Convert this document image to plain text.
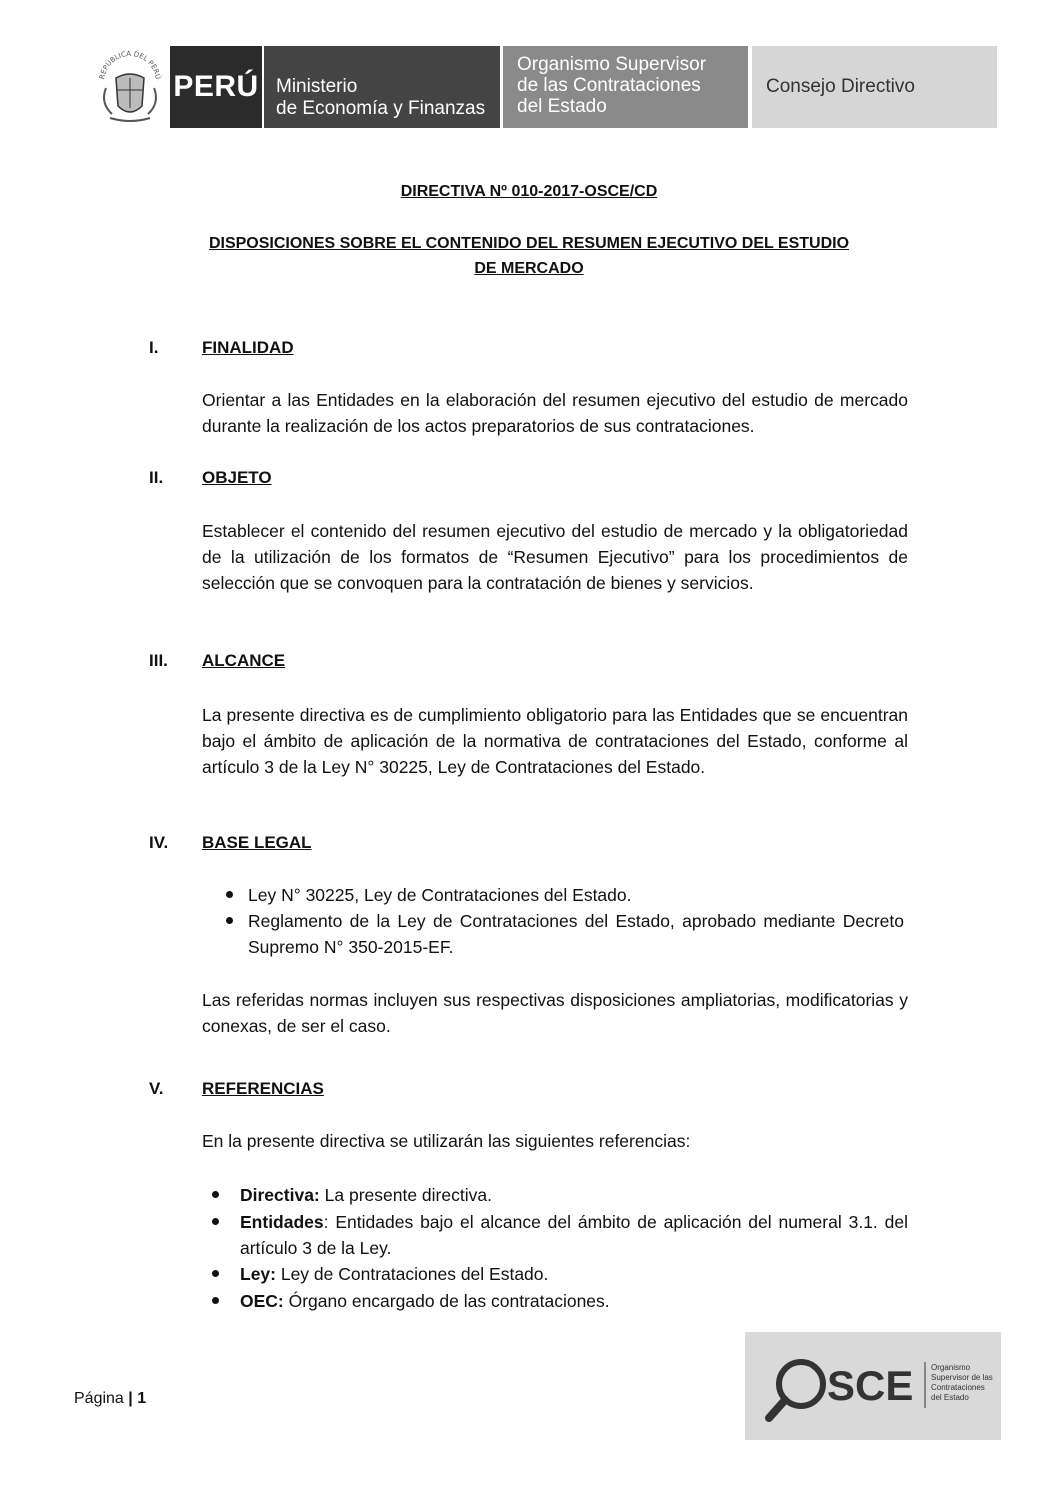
REPÚBLICA DEL PERÚ PERÚ Ministerio
de Economía y Finanzas
Organismo Supervisor
de las Contrataciones
del Estado
Consejo Directivo
DIRECTIVA Nº 010-2017-OSCE/CD
DISPOSICIONES SOBRE EL CONTENIDO DEL RESUMEN EJECUTIVO DEL ESTUDIO
DE MERCADO
I.	FINALIDAD
Orientar a las Entidades en la elaboración del resumen ejecutivo del estudio de mercado durante la realización de los actos preparatorios de sus contrataciones.
II. OBJETO
Establecer el contenido del resumen ejecutivo del estudio de mercado y la obligatoriedad de la utilización de los formatos de “Resumen Ejecutivo” para los procedimientos de selección que se convoquen para la contratación de bienes y servicios.
III. ALCANCE
La presente directiva es de cumplimiento obligatorio para las Entidades que se encuentran bajo el ámbito de aplicación de la normativa de contrataciones del Estado, conforme al artículo 3 de la Ley N° 30225, Ley de Contrataciones del Estado.
IV. BASE LEGAL
Ley N° 30225, Ley de Contrataciones del Estado.
Reglamento de la Ley de Contrataciones del Estado, aprobado mediante Decreto Supremo N° 350-2015-EF.
Las referidas normas incluyen sus respectivas disposiciones ampliatorias, modificatorias y conexas, de ser el caso.
V. REFERENCIAS
En la presente directiva se utilizarán las siguientes referencias:
Directiva: La presente directiva.
Entidades: Entidades bajo el alcance del ámbito de aplicación del numeral 3.1. del artículo 3 de la Ley.
Ley: Ley de Contrataciones del Estado.
OEC: Órgano encargado de las contrataciones.
Página | 1	SCE Organismo
Supervisor de las
Contrataciones
del Estado
